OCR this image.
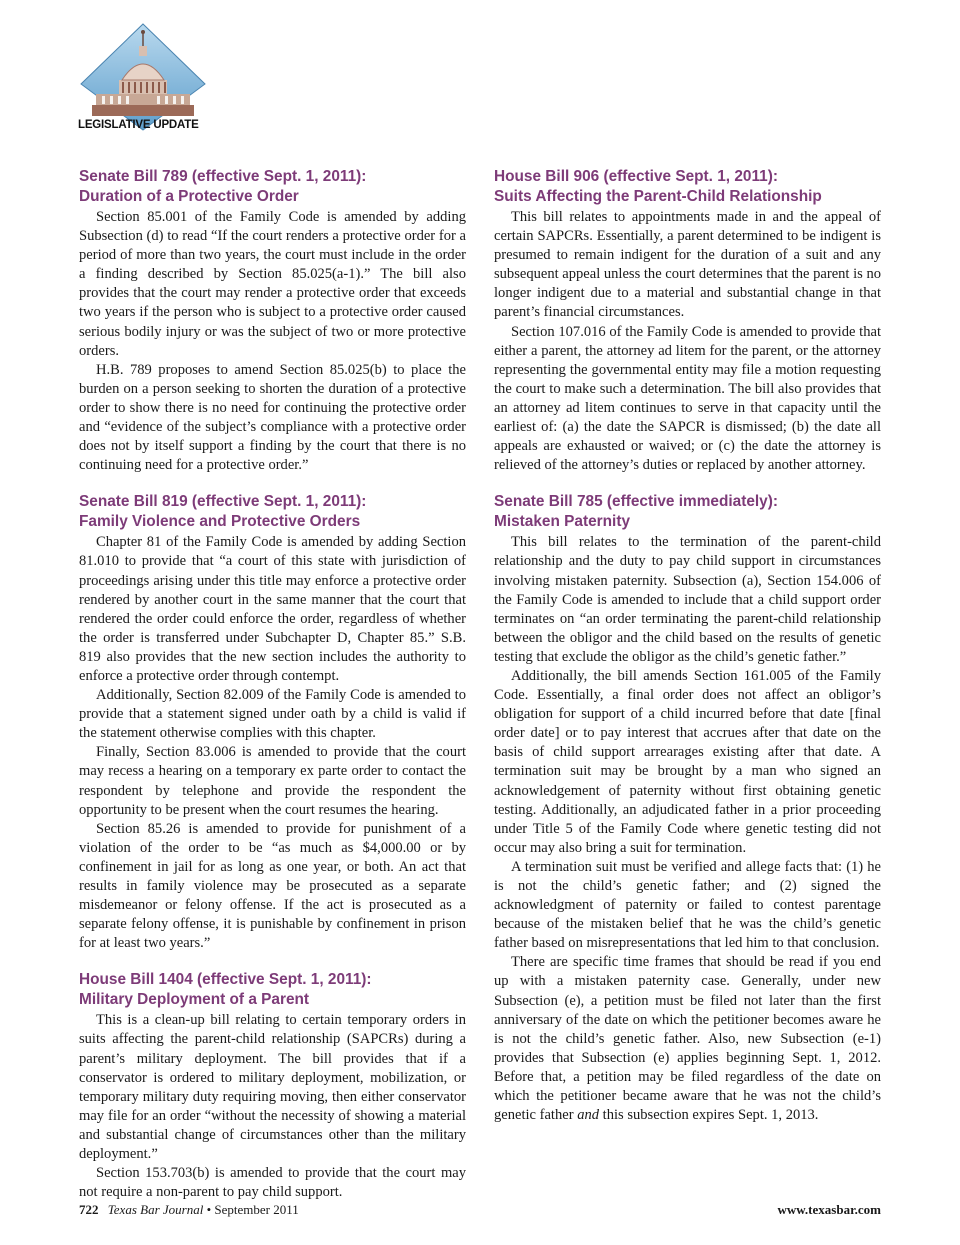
LEGISLATIVE UPDATE

Senate Bill 789 (effective Sept. 1, 2011):
Duration of a Protective Order

Section 85.001 of the Family Code is amended by adding Subsection (d) to read “If the court renders a protective order for a period of more than two years, the court must include in the order a finding described by Section 85.025(a-1).” The bill also provides that the court may render a protective order that exceeds two years if the person who is subject to a protective order caused serious bodily injury or was the subject of two or more protective orders.

H.B. 789 proposes to amend Section 85.025(b) to place the burden on a person seeking to shorten the duration of a protective order to show there is no need for continuing the protective order and “evidence of the subject’s compliance with a protective order does not by itself support a finding by the court that there is no continuing need for a protective order.”

Senate Bill 819 (effective Sept. 1, 2011):
Family Violence and Protective Orders

Chapter 81 of the Family Code is amended by adding Section 81.010 to provide that “a court of this state with jurisdiction of proceedings arising under this title may enforce a protective order rendered by another court in the same manner that the court that rendered the order could enforce the order, regardless of whether the order is transferred under Subchapter D, Chapter 85.” S.B. 819 also provides that the new section includes the authority to enforce a protective order through contempt.

Additionally, Section 82.009 of the Family Code is amended to provide that a statement signed under oath by a child is valid if the statement otherwise complies with this chapter.

Finally, Section 83.006 is amended to provide that the court may recess a hearing on a temporary ex parte order to contact the respondent by telephone and provide the respondent the opportunity to be present when the court resumes the hearing.

Section 85.26 is amended to provide for punishment of a violation of the order to be “as much as $4,000.00 or by confinement in jail for as long as one year, or both. An act that results in family violence may be prosecuted as a separate misdemeanor or felony offense. If the act is prosecuted as a separate felony offense, it is punishable by confinement in prison for at least two years.”

House Bill 1404 (effective Sept. 1, 2011):
Military Deployment of a Parent

This is a clean-up bill relating to certain temporary orders in suits affecting the parent-child relationship (SAPCRs) during a parent’s military deployment. The bill provides that if a conservator is ordered to military deployment, mobilization, or temporary military duty requiring moving, then either conservator may file for an order “without the necessity of showing a material and substantial change of circumstances other than the military deployment.”

Section 153.703(b) is amended to provide that the court may not require a non-parent to pay child support.

House Bill 906 (effective Sept. 1, 2011):
Suits Affecting the Parent-Child Relationship

This bill relates to appointments made in and the appeal of certain SAPCRs. Essentially, a parent determined to be indigent is presumed to remain indigent for the duration of a suit and any subsequent appeal unless the court determines that the parent is no longer indigent due to a material and substantial change in that parent’s financial circumstances.

Section 107.016 of the Family Code is amended to provide that either a parent, the attorney ad litem for the parent, or the attorney representing the governmental entity may file a motion requesting the court to make such a determination. The bill also provides that an attorney ad litem continues to serve in that capacity until the earliest of: (a) the date the SAPCR is dismissed; (b) the date all appeals are exhausted or waived; or (c) the date the attorney is relieved of the attorney’s duties or replaced by another attorney.

Senate Bill 785 (effective immediately):
Mistaken Paternity

This bill relates to the termination of the parent-child relationship and the duty to pay child support in circumstances involving mistaken paternity. Subsection (a), Section 154.006 of the Family Code is amended to include that a child support order terminates on “an order terminating the parent-child relationship between the obligor and the child based on the results of genetic testing that exclude the obligor as the child’s genetic father.”

Additionally, the bill amends Section 161.005 of the Family Code. Essentially, a final order does not affect an obligor’s obligation for support of a child incurred before that date [final order date] or to pay interest that accrues after that date on the basis of child support arrearages existing after that date. A termination suit may be brought by a man who signed an acknowledgement of paternity without first obtaining genetic testing. Additionally, an adjudicated father in a prior proceeding under Title 5 of the Family Code where genetic testing did not occur may also bring a suit for termination.

A termination suit must be verified and allege facts that: (1) he is not the child’s genetic father; and (2) signed the acknowledgment of paternity or failed to contest parentage because of the mistaken belief that he was the child’s genetic father based on misrepresentations that led him to that conclusion.

There are specific time frames that should be read if you end up with a mistaken paternity case. Generally, under new Subsection (e), a petition must be filed not later than the first anniversary of the date on which the petitioner becomes aware he is not the child’s genetic father. Also, new Subsection (e-1) provides that Subsection (e) applies beginning Sept. 1, 2012. Before that, a petition may be filed regardless of the date on which the petitioner became aware that he was not the child’s genetic father and this subsection expires Sept. 1, 2013.

722 Texas Bar Journal • September 2011	www.texasbar.com
